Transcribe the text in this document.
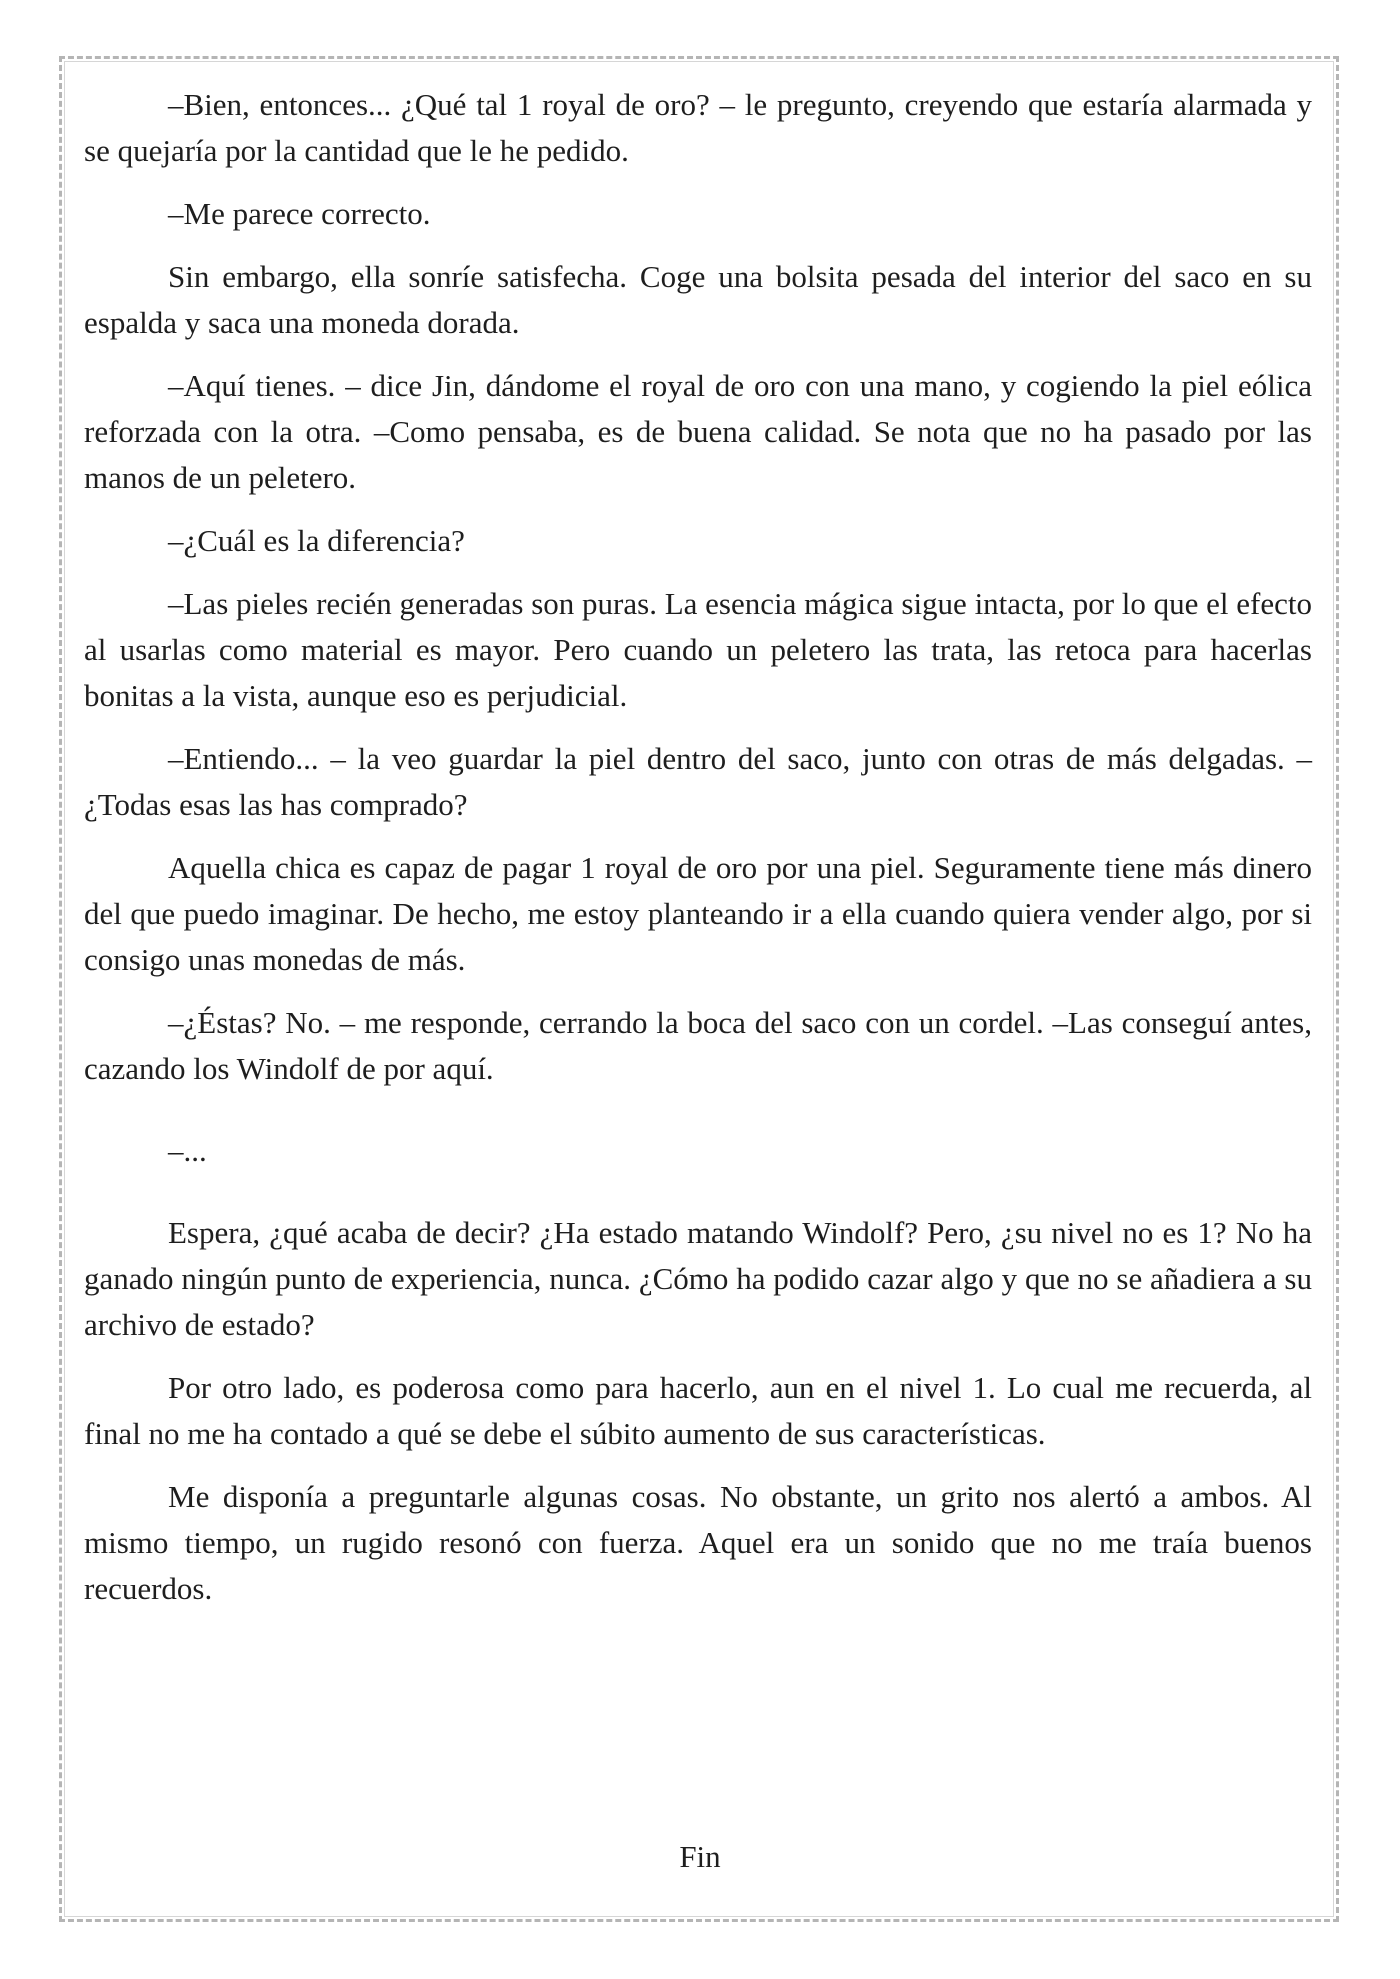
–Bien, entonces... ¿Qué tal 1 royal de oro? – le pregunto, creyendo que estaría alarmada y se quejaría por la cantidad que le he pedido.

–Me parece correcto.

Sin embargo, ella sonríe satisfecha. Coge una bolsita pesada del interior del saco en su espalda y saca una moneda dorada.

–Aquí tienes. – dice Jin, dándome el royal de oro con una mano, y cogiendo la piel eólica reforzada con la otra. –Como pensaba, es de buena calidad. Se nota que no ha pasado por las manos de un peletero.

–¿Cuál es la diferencia?

–Las pieles recién generadas son puras. La esencia mágica sigue intacta, por lo que el efecto al usarlas como material es mayor. Pero cuando un peletero las trata, las retoca para hacerlas bonitas a la vista, aunque eso es perjudicial.

–Entiendo... – la veo guardar la piel dentro del saco, junto con otras de más delgadas. –¿Todas esas las has comprado?

Aquella chica es capaz de pagar 1 royal de oro por una piel. Seguramente tiene más dinero del que puedo imaginar. De hecho, me estoy planteando ir a ella cuando quiera vender algo, por si consigo unas monedas de más.

–¿Éstas? No. – me responde, cerrando la boca del saco con un cordel. –Las conseguí antes, cazando los Windolf de por aquí.

–...

Espera, ¿qué acaba de decir? ¿Ha estado matando Windolf? Pero, ¿su nivel no es 1? No ha ganado ningún punto de experiencia, nunca. ¿Cómo ha podido cazar algo y que no se añadiera a su archivo de estado?

Por otro lado, es poderosa como para hacerlo, aun en el nivel 1. Lo cual me recuerda, al final no me ha contado a qué se debe el súbito aumento de sus características.

Me disponía a preguntarle algunas cosas. No obstante, un grito nos alertó a ambos. Al mismo tiempo, un rugido resonó con fuerza. Aquel era un sonido que no me traía buenos recuerdos.

Fin
